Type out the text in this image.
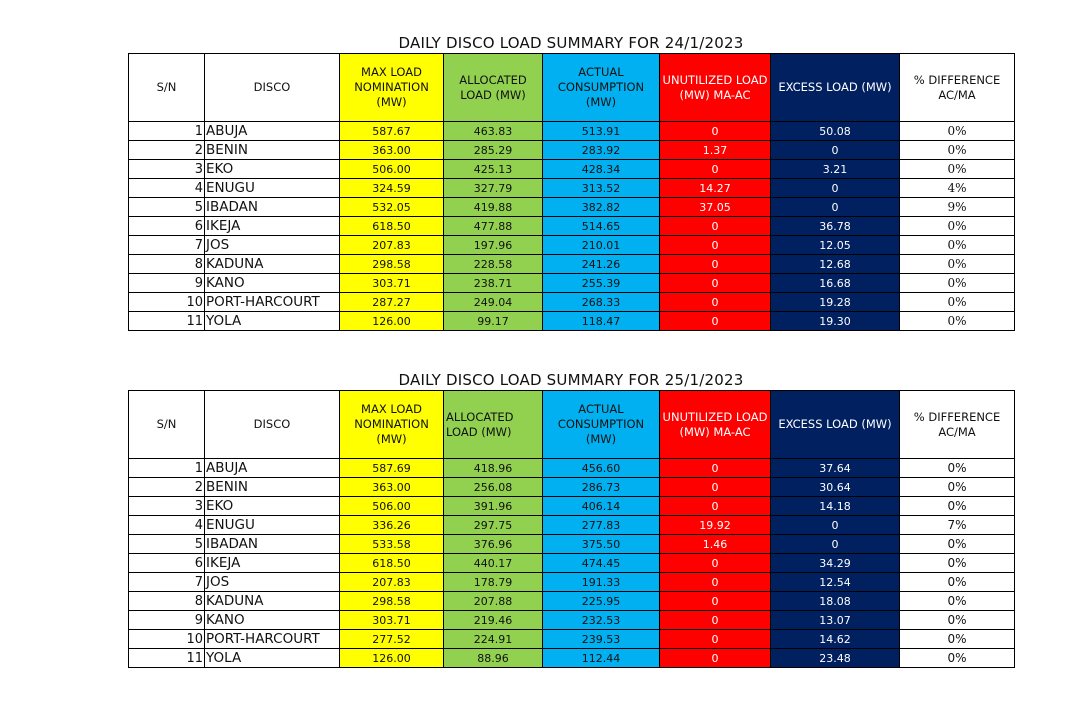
DAILY DISCO LOAD SUMMARY FOR 24/1/2023
S/N	DISCO	MAX LOAD NOMINATION (MW)	ALLOCATED LOAD (MW)	ACTUAL CONSUMPTION (MW)	UNUTILIZED LOAD (MW) MA-AC	EXCESS LOAD (MW)	% DIFFERENCE AC/MA
1	ABUJA	587.67	463.83	513.91	0	50.08	0%
2	BENIN	363.00	285.29	283.92	1.37	0	0%
3	EKO	506.00	425.13	428.34	0	3.21	0%
4	ENUGU	324.59	327.79	313.52	14.27	0	4%
5	IBADAN	532.05	419.88	382.82	37.05	0	9%
6	IKEJA	618.50	477.88	514.65	0	36.78	0%
7	JOS	207.83	197.96	210.01	0	12.05	0%
8	KADUNA	298.58	228.58	241.26	0	12.68	0%
9	KANO	303.71	238.71	255.39	0	16.68	0%
10	PORT-HARCOURT	287.27	249.04	268.33	0	19.28	0%
11	YOLA	126.00	99.17	118.47	0	19.30	0%
DAILY DISCO LOAD SUMMARY FOR 25/1/2023
S/N	DISCO	MAX LOAD NOMINATION (MW)	ALLOCATED LOAD (MW)	ACTUAL CONSUMPTION (MW)	UNUTILIZED LOAD (MW) MA-AC	EXCESS LOAD (MW)	% DIFFERENCE AC/MA
1	ABUJA	587.69	418.96	456.60	0	37.64	0%
2	BENIN	363.00	256.08	286.73	0	30.64	0%
3	EKO	506.00	391.96	406.14	0	14.18	0%
4	ENUGU	336.26	297.75	277.83	19.92	0	7%
5	IBADAN	533.58	376.96	375.50	1.46	0	0%
6	IKEJA	618.50	440.17	474.45	0	34.29	0%
7	JOS	207.83	178.79	191.33	0	12.54	0%
8	KADUNA	298.58	207.88	225.95	0	18.08	0%
9	KANO	303.71	219.46	232.53	0	13.07	0%
10	PORT-HARCOURT	277.52	224.91	239.53	0	14.62	0%
11	YOLA	126.00	88.96	112.44	0	23.48	0%
